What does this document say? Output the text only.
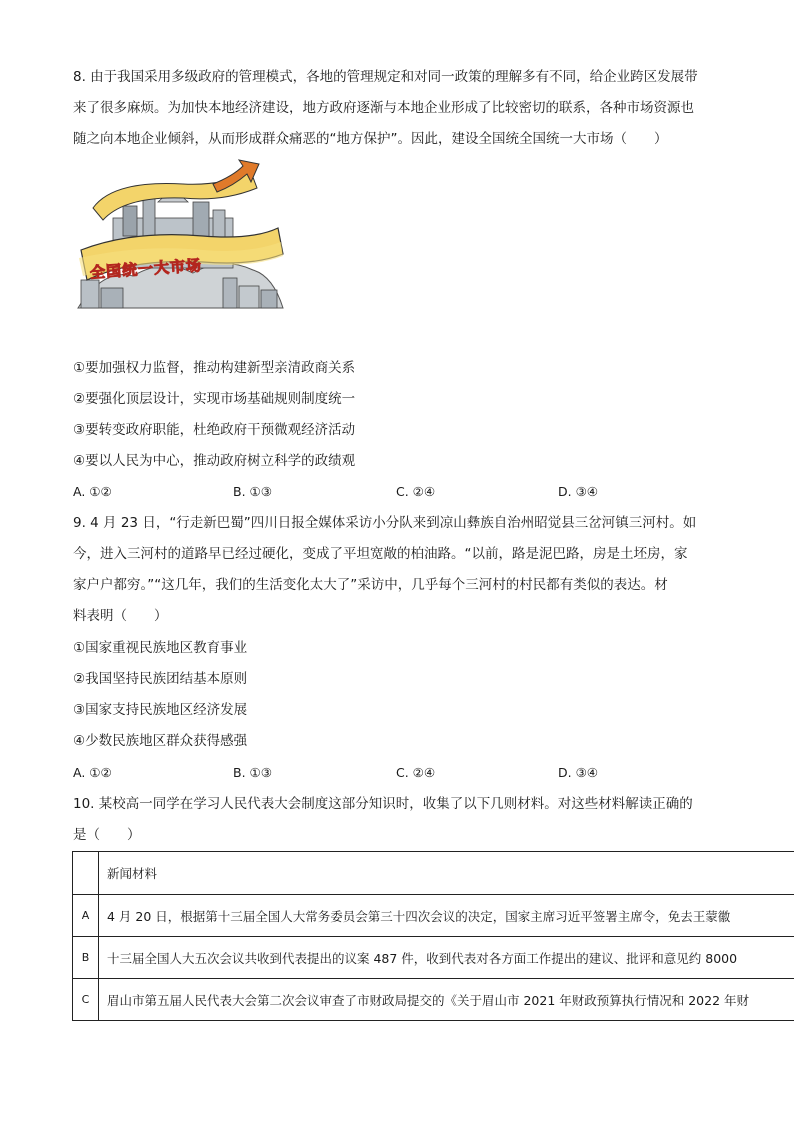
8. 由于我国采用多级政府的管理模式，各地的管理规定和对同一政策的理解多有不同，给企业跨区发展带
来了很多麻烦。为加快本地经济建设，地方政府逐渐与本地企业形成了比较密切的联系，各种市场资源也
随之向本地企业倾斜，从而形成群众痛恶的“地方保护”。因此，建设全国统全国统一大市场（　　）
全国统一大市场
①要加强权力监督，推动构建新型亲清政商关系
②要强化顶层设计，实现市场基础规则制度统一
③要转变政府职能，杜绝政府干预微观经济活动
④要以人民为中心，推动政府树立科学的政绩观
A. ①②	B. ①③	C. ②④	D. ③④
9. 4 月 23 日，“行走新巴蜀”四川日报全媒体采访小分队来到凉山彝族自治州昭觉县三岔河镇三河村。如
今，进入三河村的道路早已经过硬化，变成了平坦宽敞的柏油路。“以前，路是泥巴路，房是土坯房，家
家户户都穷。”“这几年，我们的生活变化太大了”采访中，几乎每个三河村的村民都有类似的表达。材
料表明（　　）
①国家重视民族地区教育事业
②我国坚持民族团结基本原则
③国家支持民族地区经济发展
④少数民族地区群众获得感强
A. ①②	B. ①③	C. ②④	D. ③④
10. 某校高一同学在学习人民代表大会制度这部分知识时，收集了以下几则材料。对这些材料解读正确的
是（　　）
	新闻材料
A	4 月 20 日，根据第十三届全国人大常务委员会第三十四次会议的决定，国家主席习近平签署主席令，免去王蒙徽
B	十三届全国人大五次会议共收到代表提出的议案 487 件，收到代表对各方面工作提出的建议、批评和意见约 8000
C	眉山市第五届人民代表大会第二次会议审查了市财政局提交的《关于眉山市 2021 年财政预算执行情况和 2022 年财
